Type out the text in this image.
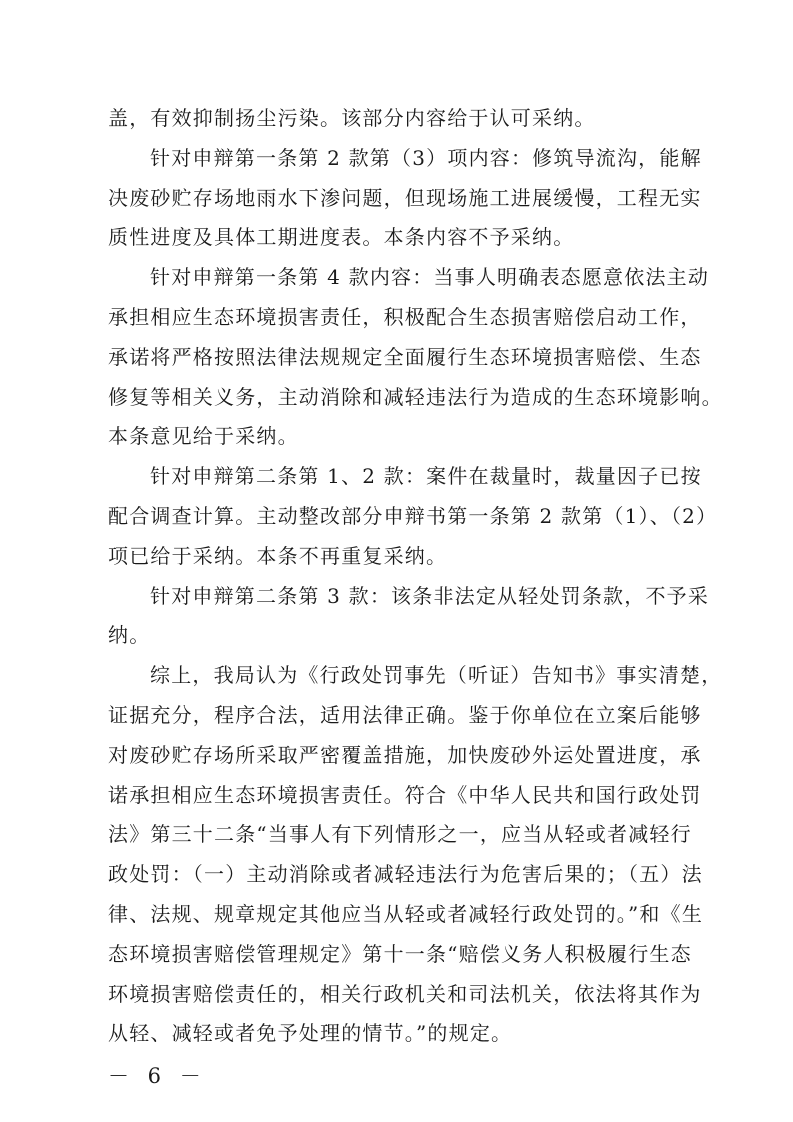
盖，有效抑制扬尘污染。该部分内容给于认可采纳。
针对申辩第一条第 2 款第（3）项内容：修筑导流沟，能解
决废砂贮存场地雨水下渗问题，但现场施工进展缓慢，工程无实
质性进度及具体工期进度表。本条内容不予采纳。
针对申辩第一条第 4 款内容：当事人明确表态愿意依法主动
承担相应生态环境损害责任，积极配合生态损害赔偿启动工作，
承诺将严格按照法律法规规定全面履行生态环境损害赔偿、生态
修复等相关义务，主动消除和减轻违法行为造成的生态环境影响。
本条意见给于采纳。
针对申辩第二条第 1、2 款：案件在裁量时，裁量因子已按
配合调查计算。主动整改部分申辩书第一条第 2 款第（1）、（2）
项已给于采纳。本条不再重复采纳。
针对申辩第二条第 3 款：该条非法定从轻处罚条款，不予采
纳。
综上，我局认为《行政处罚事先（听证）告知书》事实清楚，
证据充分，程序合法，适用法律正确。鉴于你单位在立案后能够
对废砂贮存场所采取严密覆盖措施，加快废砂外运处置进度，承
诺承担相应生态环境损害责任。符合《中华人民共和国行政处罚
法》第三十二条“当事人有下列情形之一，应当从轻或者减轻行
政处罚：（一）主动消除或者减轻违法行为危害后果的；（五）法
律、法规、规章规定其他应当从轻或者减轻行政处罚的。”和《生
态环境损害赔偿管理规定》第十一条“赔偿义务人积极履行生态
环境损害赔偿责任的，相关行政机关和司法机关，依法将其作为
从轻、减轻或者免予处理的情节。”的规定。
－ 6 －
